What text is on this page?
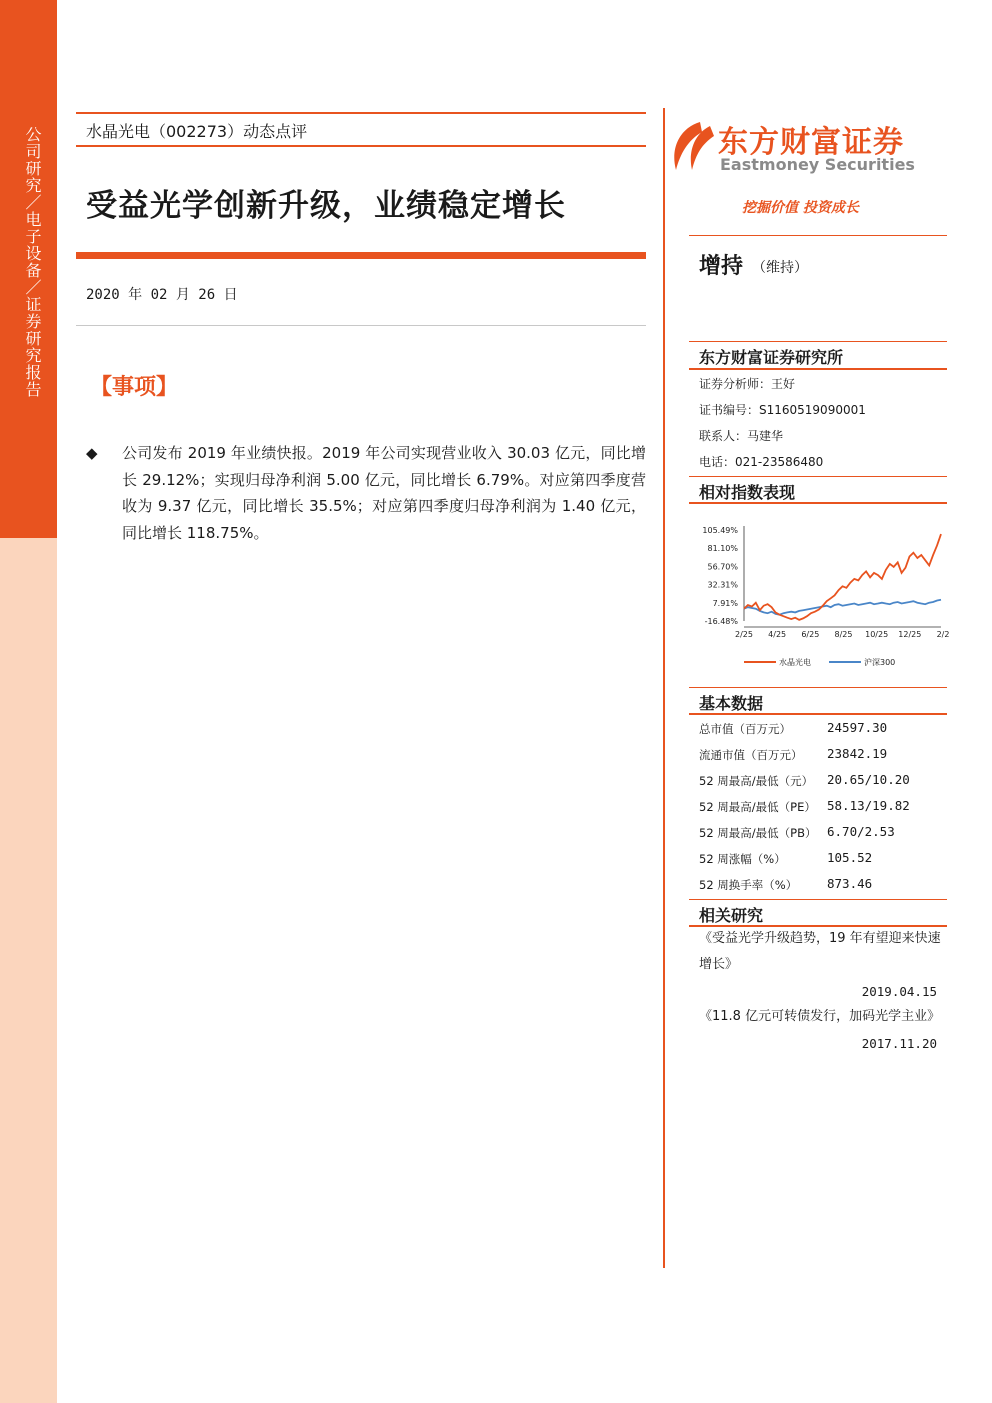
公司研究／电子设备／证券研究报告	水晶光电（002273）动态点评
受益光学创新升级，业绩稳定增长
2020 年 02 月 26 日
【事项】
◆ 公司发布 2019 年业绩快报。2019 年公司实现营业收入 30.03 亿元，同比增长 29.12%；实现归母净利润 5.00 亿元，同比增长 6.79%。对应第四季度营收为 9.37 亿元，同比增长 35.5%；对应第四季度归母净利润为 1.40 亿元，同比增长 118.75%。
东方财富证券
Eastmoney Securities
挖掘价值 投资成长
增持 （维持）
东方财富证券研究所
证券分析师：王好
证书编号：S1160519090001
联系人：马建华
电话：021-23586480
相对指数表现
105.49%
81.10%
56.70%
32.31%
7.91%
-16.48%
2/25 4/25 6/25 8/25 10/25 12/25 2/2
水晶光电	沪深300
基本数据
总市值（百万元）	24597.30
流通市值（百万元） 23842.19
52 周最高/最低（元） 20.65/10.20
52 周最高/最低（PE） 58.13/19.82
52 周最高/最低（PB） 6.70/2.53
52 周涨幅（%）	105.52
52 周换手率（%） 873.46
相关研究
《受益光学升级趋势，19 年有望迎来快速增长》
2019.04.15
《11.8 亿元可转债发行，加码光学主业》
2017.11.20
